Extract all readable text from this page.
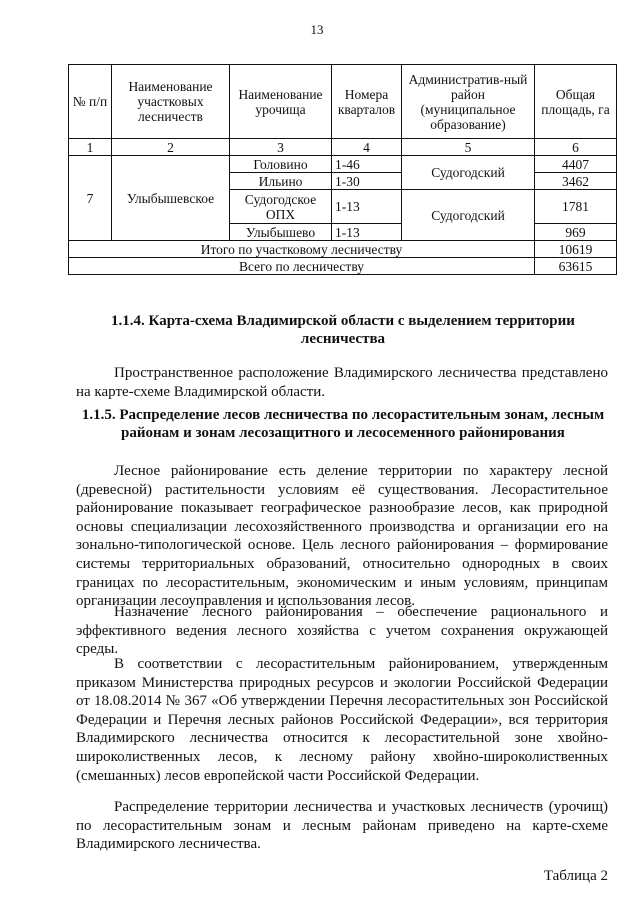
13
№ п/п	Наименование участковых лесничеств	Наименование урочища	Номера кварталов	Административ-ный район (муниципальное образование)	Общая площадь, га
1	2	3	4	5	6
7	Улыбышевское	Головино	1-46	Судогодский	4407
		Ильино	1-30		3462
		Судогодское ОПХ	1-13	Судогодский	1781
		Улыбышево	1-13		969
Итого по участковому лесничеству					10619
Всего по лесничеству					63615
1.1.4. Карта-схема Владимирской области с выделением территории лесничества
Пространственное расположение Владимирского лесничества представлено на карте-схеме Владимирской области.
1.1.5. Распределение лесов лесничества по лесорастительным зонам, лесным районам и зонам лесозащитного и лесосеменного районирования
Лесное районирование есть деление территории по характеру лесной (древесной) растительности условиям её существования. Лесорастительное районирование показывает географическое разнообразие лесов, как природной основы специализации лесохозяйственного производства и организации его на зонально-типологической основе. Цель лесного районирования – формирование системы территориальных образований, относительно однородных в своих границах по лесорастительным, экономическим и иным условиям, принципам организации лесоуправления и использования лесов.
Назначение лесного районирования – обеспечение рационального и эффективного ведения лесного хозяйства с учетом сохранения окружающей среды.
В соответствии с лесорастительным районированием, утвержденным приказом Министерства природных ресурсов и экологии Российской Федерации от 18.08.2014 № 367 «Об утверждении Перечня лесорастительных зон Российской Федерации и Перечня лесных районов Российской Федерации», вся территория Владимирского лесничества относится к лесорастительной зоне хвойно-широколиственных лесов, к лесному району хвойно-широколиственных (смешанных) лесов европейской части Российской Федерации.
Распределение территории лесничества и участковых лесничеств (урочищ) по лесорастительным зонам и лесным районам приведено на карте-схеме Владимирского лесничества.
Таблица 2
